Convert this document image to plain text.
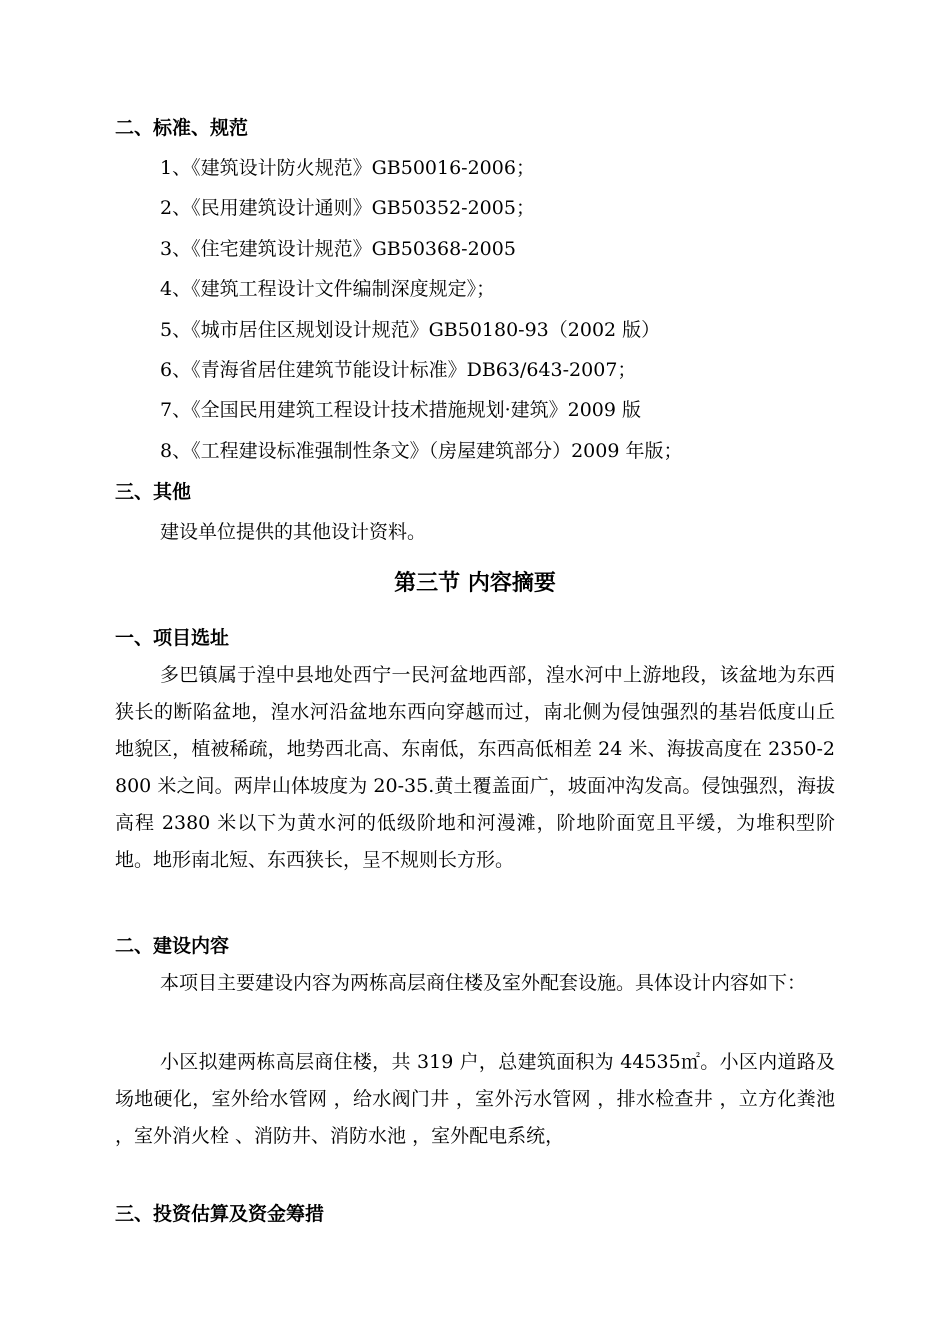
二、标准、规范
1、《建筑设计防火规范》GB50016-2006；
2、《民用建筑设计通则》GB50352-2005；
3、《住宅建筑设计规范》GB50368-2005
4、《建筑工程设计文件编制深度规定》；
5、《城市居住区规划设计规范》GB50180-93（2002 版）
6、《青海省居住建筑节能设计标准》DB63/643-2007；
7、《全国民用建筑工程设计技术措施规划·建筑》2009 版
8、《工程建设标准强制性条文》（房屋建筑部分）2009 年版；
三、其他
建设单位提供的其他设计资料。
第三节 内容摘要
一、项目选址
多巴镇属于湟中县地处西宁一民河盆地西部，湟水河中上游地段，该盆地为东西狭长的断陷盆地，湟水河沿盆地东西向穿越而过，南北侧为侵蚀强烈的基岩低度山丘地貌区，植被稀疏，地势西北高、东南低，东西高低相差 24 米、海拔高度在 2350-2800 米之间。两岸山体坡度为 20-35.黄土覆盖面广，坡面冲沟发高。侵蚀强烈，海拔高程 2380 米以下为黄水河的低级阶地和河漫滩，阶地阶面宽且平缓，为堆积型阶地。地形南北短、东西狭长，呈不规则长方形。
二、建设内容
本项目主要建设内容为两栋高层商住楼及室外配套设施。具体设计内容如下：
小区拟建两栋高层商住楼，共 319 户，总建筑面积为 44535㎡。小区内道路及场地硬化，室外给水管网 ，给水阀门井 ，室外污水管网 ，排水检查井 ，立方化粪池 ，室外消火栓 、消防井、消防水池 ，室外配电系统，
三、投资估算及资金筹措
